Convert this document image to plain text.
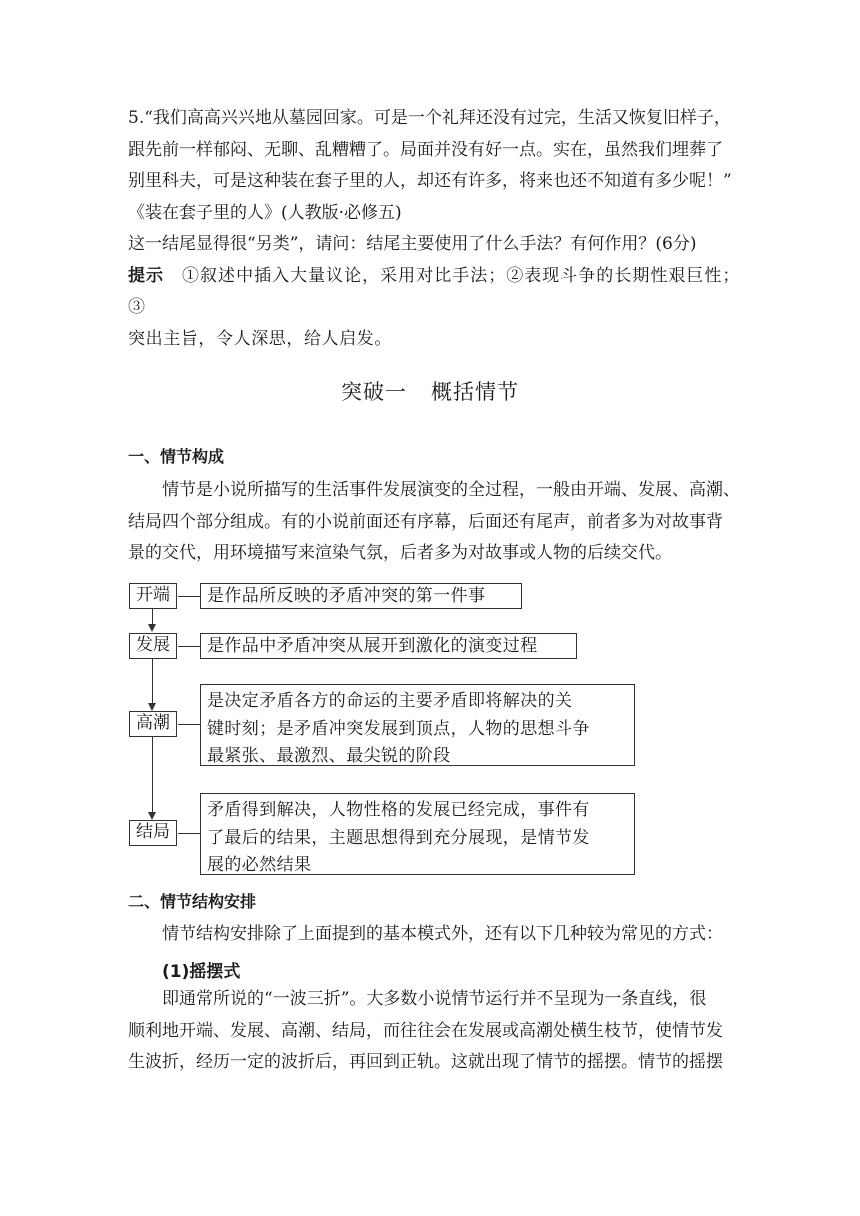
5.“我们高高兴兴地从墓园回家。可是一个礼拜还没有过完，生活又恢复旧样子，

跟先前一样郁闷、无聊、乱糟糟了。局面并没有好一点。实在，虽然我们埋葬了

别里科夫，可是这种装在套子里的人，却还有许多，将来也还不知道有多少呢！”

《装在套子里的人》(人教版·必修五)

这一结尾显得很“另类”，请问：结尾主要使用了什么手法？有何作用？(6分)

提示 ①叙述中插入大量议论，采用对比手法；②表现斗争的长期性艰巨性；③

突出主旨，令人深思，给人启发。

突破一 概括情节
一、情节构成

情节是小说所描写的生活事件发展演变的全过程，一般由开端、发展、高潮、

结局四个部分组成。有的小说前面还有序幕，后面还有尾声，前者多为对故事背

景的交代，用环境描写来渲染气氛，后者多为对故事或人物的后续交代。

开端	是作品所反映的矛盾冲突的第一件事
发展	是作品中矛盾冲突从展开到激化的演变过程
高潮
是决定矛盾各方的命运的主要矛盾即将解决的关
键时刻；是矛盾冲突发展到顶点，人物的思想斗争
最紧张、最激烈、最尖锐的阶段
结局
矛盾得到解决，人物性格的发展已经完成，事件有
了最后的结果，主题思想得到充分展现，是情节发
展的必然结果
二、情节结构安排

情节结构安排除了上面提到的基本模式外，还有以下几种较为常见的方式：

(1)摇摆式

即通常所说的“一波三折”。大多数小说情节运行并不呈现为一条直线，很

顺利地开端、发展、高潮、结局，而往往会在发展或高潮处横生枝节，使情节发

生波折，经历一定的波折后，再回到正轨。这就出现了情节的摇摆。情节的摇摆
